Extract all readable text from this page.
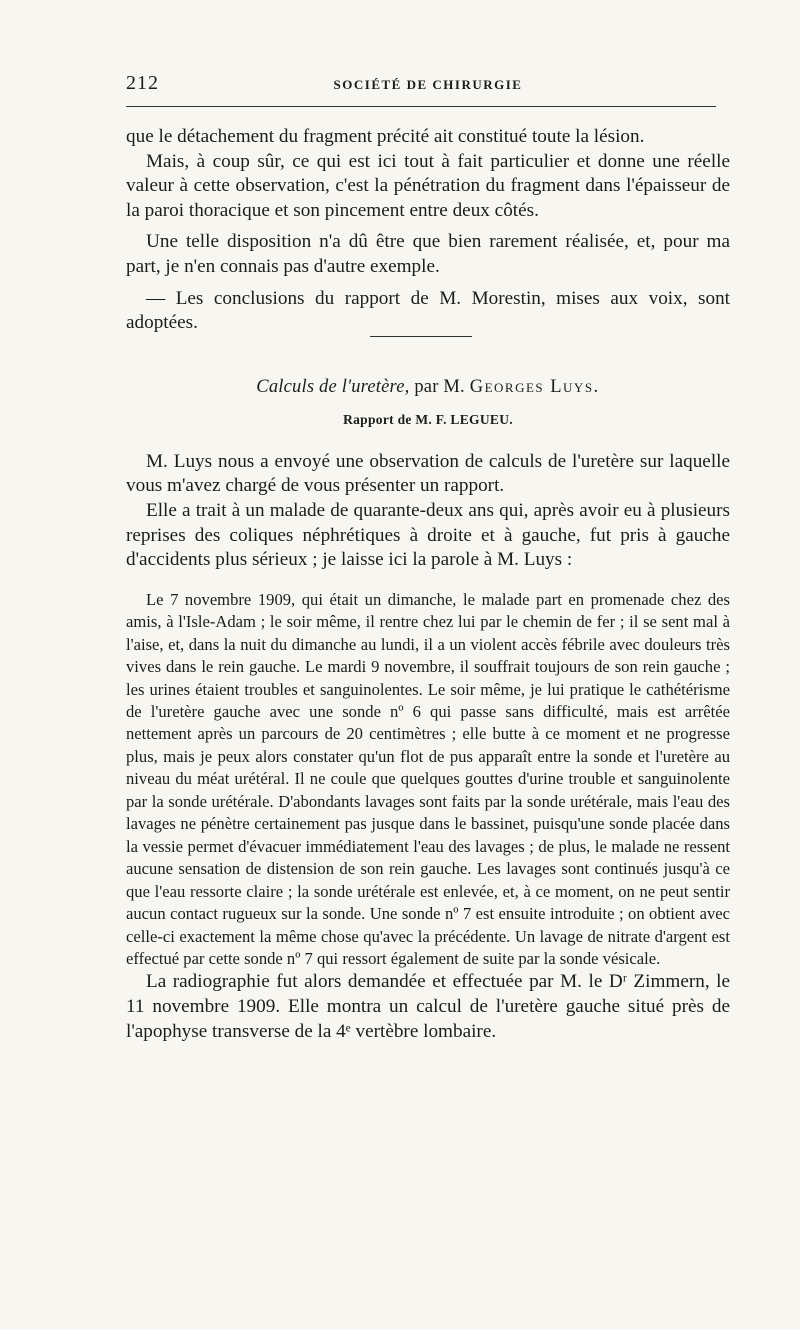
212	SOCIÉTÉ DE CHIRURGIE

que le détachement du fragment précité ait constitué toute la lésion.

Mais, à coup sûr, ce qui est ici tout à fait particulier et donne une réelle valeur à cette observation, c'est la pénétration du fragment dans l'épaisseur de la paroi thoracique et son pincement entre deux côtés.

Une telle disposition n'a dû être que bien rarement réalisée, et, pour ma part, je n'en connais pas d'autre exemple.

— Les conclusions du rapport de M. Morestin, mises aux voix, sont adoptées.

Calculs de l'uretère, par M. Georges Luys.
Rapport de M. F. LEGUEU.

M. Luys nous a envoyé une observation de calculs de l'uretère sur laquelle vous m'avez chargé de vous présenter un rapport.

Elle a trait à un malade de quarante-deux ans qui, après avoir eu à plusieurs reprises des coliques néphrétiques à droite et à gauche, fut pris à gauche d'accidents plus sérieux ; je laisse ici la parole à M. Luys :

Le 7 novembre 1909, qui était un dimanche, le malade part en promenade chez des amis, à l'Isle-Adam ; le soir même, il rentre chez lui par le chemin de fer ; il se sent mal à l'aise, et, dans la nuit du dimanche au lundi, il a un violent accès fébrile avec douleurs très vives dans le rein gauche. Le mardi 9 novembre, il souffrait toujours de son rein gauche ; les urines étaient troubles et sanguinolentes. Le soir même, je lui pratique le cathétérisme de l'uretère gauche avec une sonde nº 6 qui passe sans difficulté, mais est arrêtée nettement après un parcours de 20 centimètres ; elle butte à ce moment et ne progresse plus, mais je peux alors constater qu'un flot de pus apparaît entre la sonde et l'uretère au niveau du méat urétéral. Il ne coule que quelques gouttes d'urine trouble et sanguinolente par la sonde urétérale. D'abondants lavages sont faits par la sonde urétérale, mais l'eau des lavages ne pénètre certainement pas jusque dans le bassinet, puisqu'une sonde placée dans la vessie permet d'évacuer immédiatement l'eau des lavages ; de plus, le malade ne ressent aucune sensation de distension de son rein gauche. Les lavages sont continués jusqu'à ce que l'eau ressorte claire ; la sonde urétérale est enlevée, et, à ce moment, on ne peut sentir aucun contact rugueux sur la sonde. Une sonde nº 7 est ensuite introduite ; on obtient avec celle-ci exactement la même chose qu'avec la précédente. Un lavage de nitrate d'argent est effectué par cette sonde nº 7 qui ressort également de suite par la sonde vésicale.

La radiographie fut alors demandée et effectuée par M. le Dʳ Zimmern, le 11 novembre 1909. Elle montra un calcul de l'uretère gauche situé près de l'apophyse transverse de la 4ᵉ vertèbre lombaire.
